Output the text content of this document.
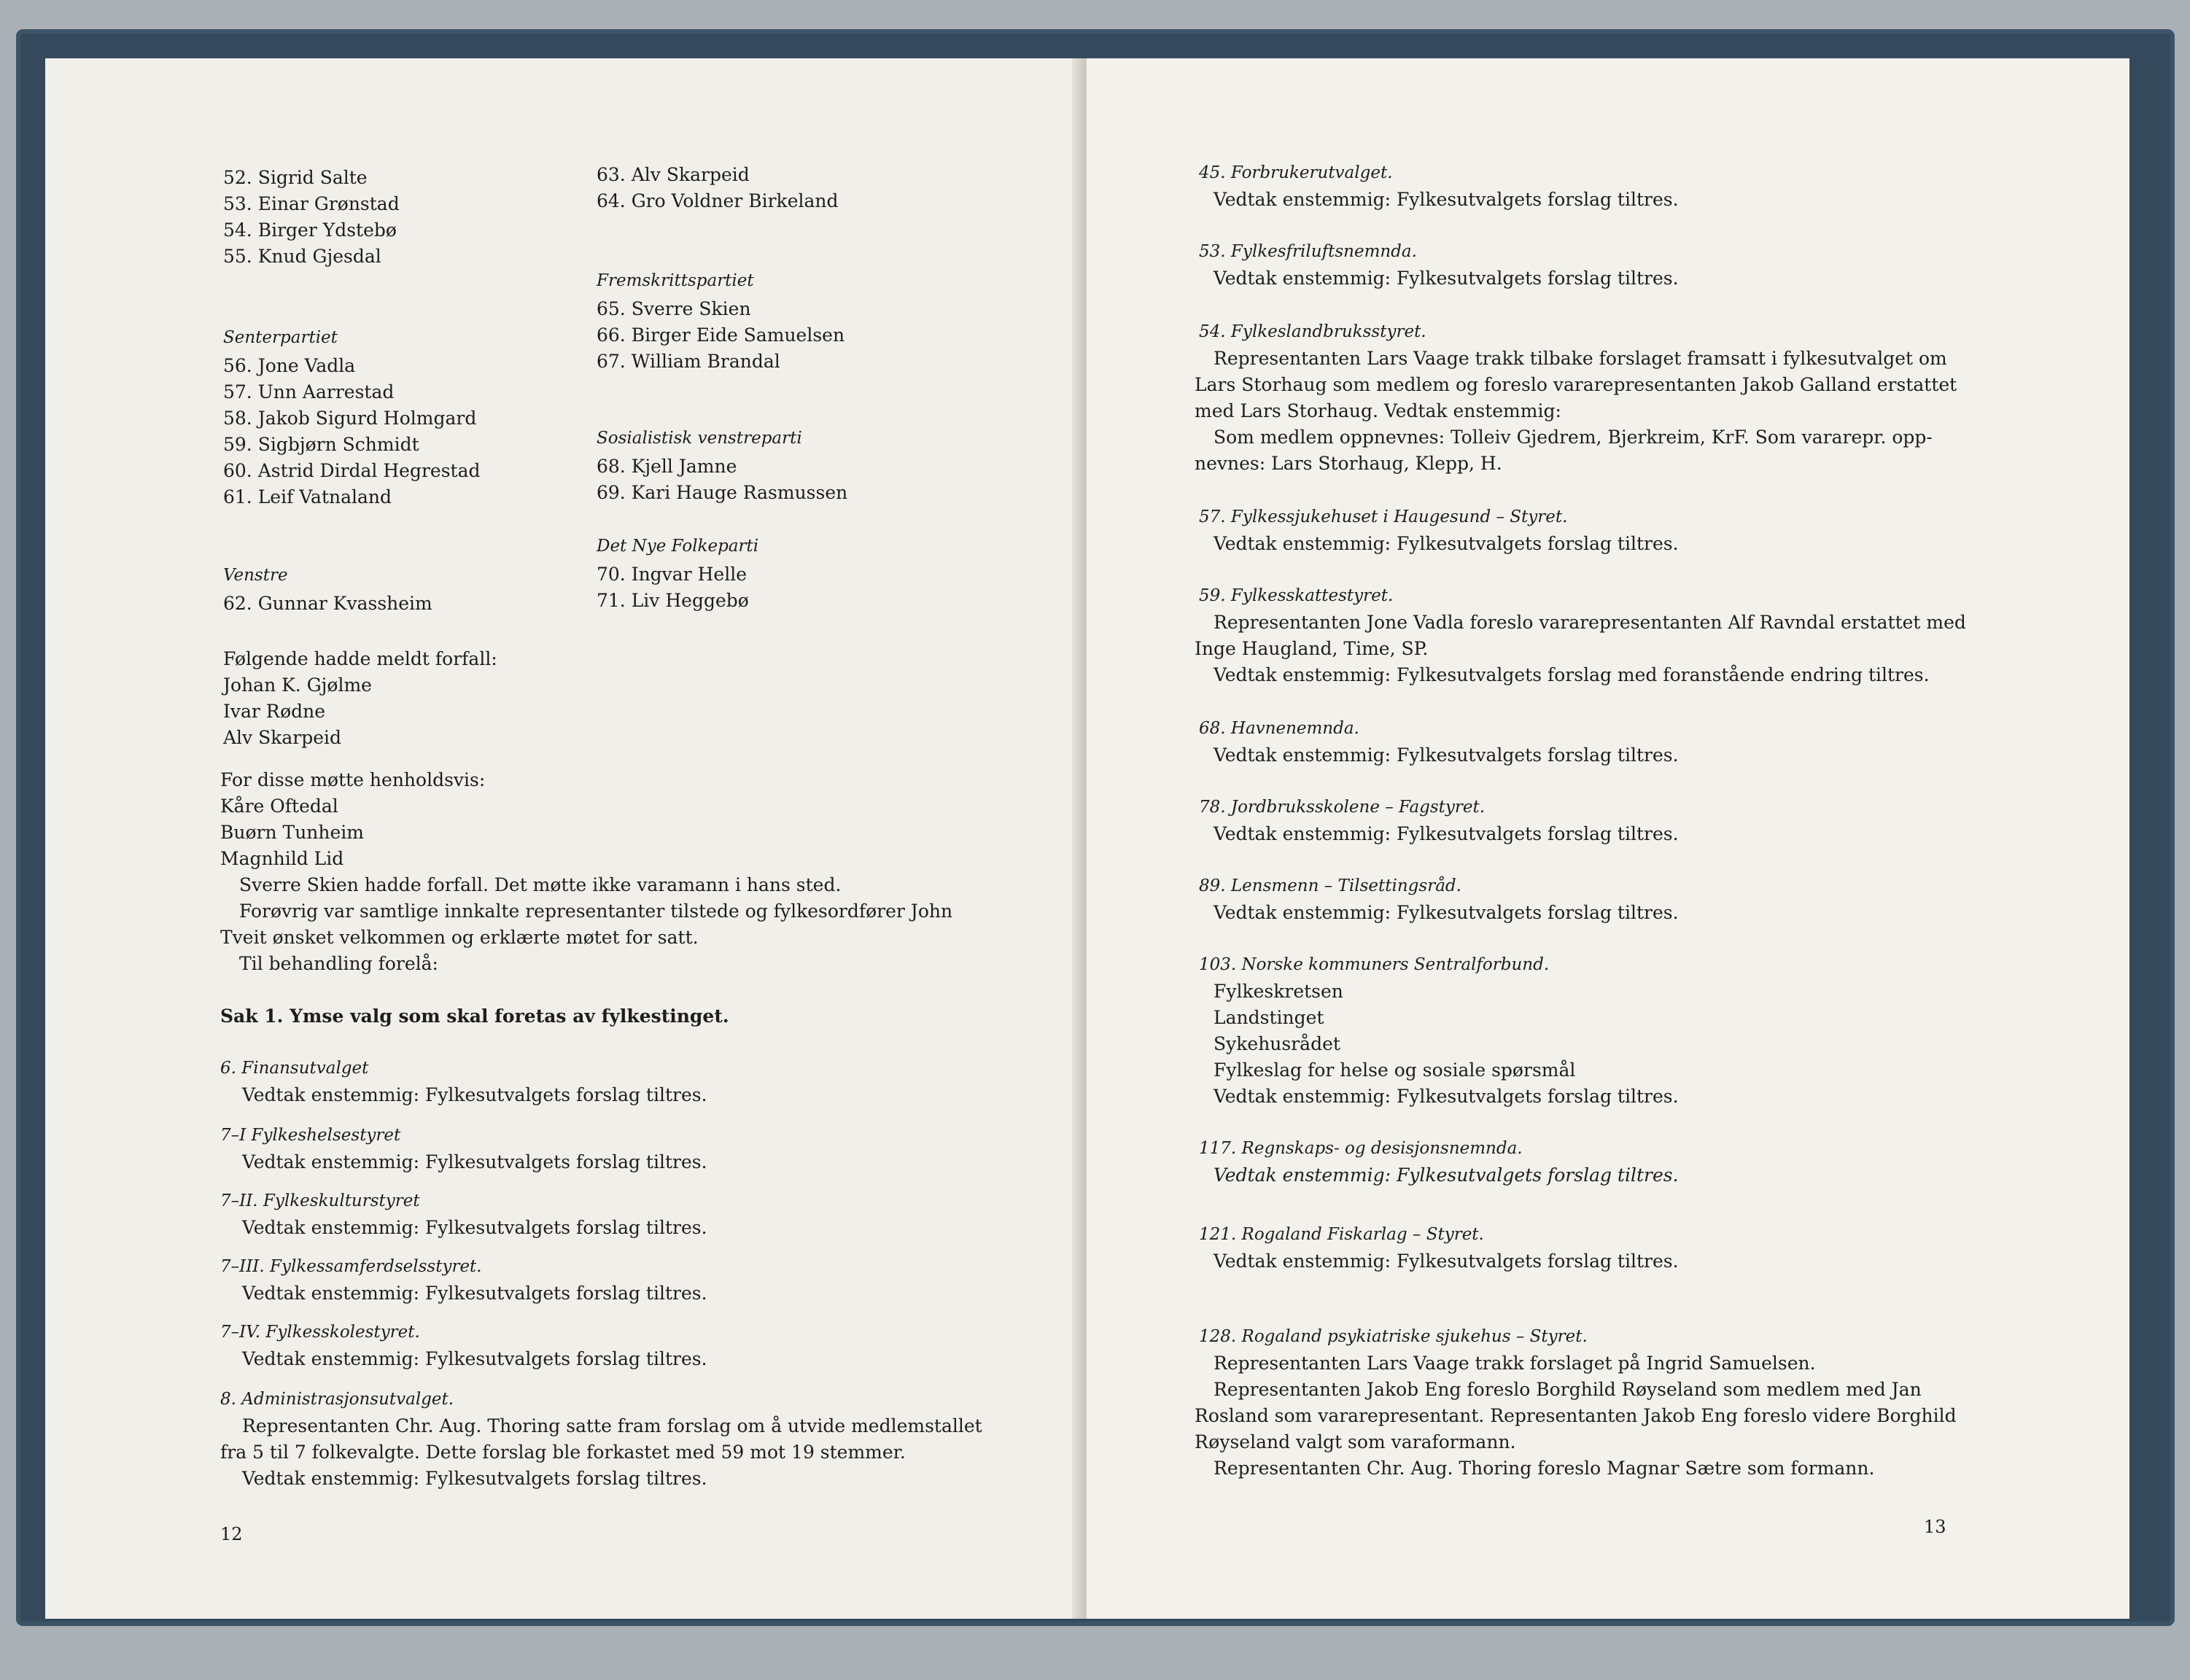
52. Sigrid Salte
53. Einar Grønstad
54. Birger Ydstebø
55. Knud Gjesdal
Senterpartiet
56. Jone Vadla
57. Unn Aarrestad
58. Jakob Sigurd Holmgard
59. Sigbjørn Schmidt
60. Astrid Dirdal Hegrestad
61. Leif Vatnaland
Venstre
62. Gunnar Kvassheim
63. Alv Skarpeid
64. Gro Voldner Birkeland
Fremskrittspartiet
65. Sverre Skien
66. Birger Eide Samuelsen
67. William Brandal
Sosialistisk venstreparti
68. Kjell Jamne
69. Kari Hauge Rasmussen
Det Nye Folkeparti
70. Ingvar Helle
71. Liv Heggebø
Følgende hadde meldt forfall:
Johan K. Gjølme
Ivar Rødne
Alv Skarpeid
For disse møtte henholdsvis:
Kåre Oftedal
Buørn Tunheim
Magnhild Lid
Sverre Skien hadde forfall. Det møtte ikke varamann i hans sted.
Forøvrig var samtlige innkalte representanter tilstede og fylkesordfører John
Tveit ønsket velkommen og erklærte møtet for satt.
Til behandling forelå:
Sak 1. Ymse valg som skal foretas av fylkestinget.
6. Finansutvalget
Vedtak enstemmig: Fylkesutvalgets forslag tiltres.
7–I Fylkeshelsestyret
Vedtak enstemmig: Fylkesutvalgets forslag tiltres.
7–II. Fylkeskulturstyret
Vedtak enstemmig: Fylkesutvalgets forslag tiltres.
7–III. Fylkessamferdselsstyret.
Vedtak enstemmig: Fylkesutvalgets forslag tiltres.
7–IV. Fylkesskolestyret.
Vedtak enstemmig: Fylkesutvalgets forslag tiltres.
8. Administrasjonsutvalget.
Representanten Chr. Aug. Thoring satte fram forslag om å utvide medlemstallet
fra 5 til 7 folkevalgte. Dette forslag ble forkastet med 59 mot 19 stemmer.
Vedtak enstemmig: Fylkesutvalgets forslag tiltres.
12
45. Forbrukerutvalget.
Vedtak enstemmig: Fylkesutvalgets forslag tiltres.
53. Fylkesfriluftsnemnda.
Vedtak enstemmig: Fylkesutvalgets forslag tiltres.
54. Fylkeslandbruksstyret.
Representanten Lars Vaage trakk tilbake forslaget framsatt i fylkesutvalget om
Lars Storhaug som medlem og foreslo vararepresentanten Jakob Galland erstattet
med Lars Storhaug. Vedtak enstemmig:
Som medlem oppnevnes: Tolleiv Gjedrem, Bjerkreim, KrF. Som vararepr. opp-
nevnes: Lars Storhaug, Klepp, H.
57. Fylkessjukehuset i Haugesund – Styret.
Vedtak enstemmig: Fylkesutvalgets forslag tiltres.
59. Fylkesskattestyret.
Representanten Jone Vadla foreslo vararepresentanten Alf Ravndal erstattet med
Inge Haugland, Time, SP.
Vedtak enstemmig: Fylkesutvalgets forslag med foranstående endring tiltres.
68. Havnenemnda.
Vedtak enstemmig: Fylkesutvalgets forslag tiltres.
78. Jordbruksskolene – Fagstyret.
Vedtak enstemmig: Fylkesutvalgets forslag tiltres.
89. Lensmenn – Tilsettingsråd.
Vedtak enstemmig: Fylkesutvalgets forslag tiltres.
103. Norske kommuners Sentralforbund.
Fylkeskretsen
Landstinget
Sykehusrådet
Fylkeslag for helse og sosiale spørsmål
Vedtak enstemmig: Fylkesutvalgets forslag tiltres.
117. Regnskaps- og desisjonsnemnda.
Vedtak enstemmig: Fylkesutvalgets forslag tiltres.
121. Rogaland Fiskarlag – Styret.
Vedtak enstemmig: Fylkesutvalgets forslag tiltres.
128. Rogaland psykiatriske sjukehus – Styret.
Representanten Lars Vaage trakk forslaget på Ingrid Samuelsen.
Representanten Jakob Eng foreslo Borghild Røyseland som medlem med Jan
Rosland som vararepresentant. Representanten Jakob Eng foreslo videre Borghild
Røyseland valgt som varaformann.
Representanten Chr. Aug. Thoring foreslo Magnar Sætre som formann.
13
